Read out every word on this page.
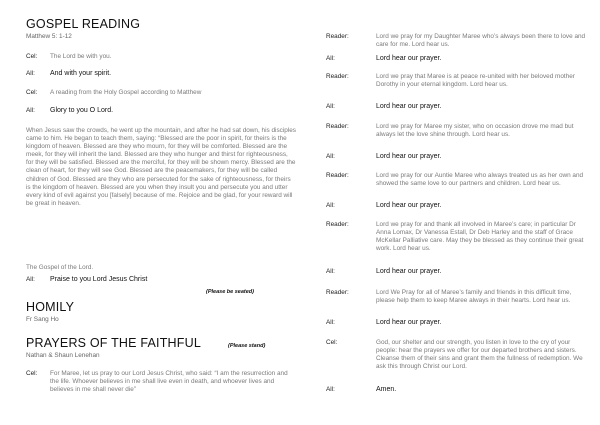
GOSPEL READING
Matthew 5: 1-12
Cel:	The Lord be with you.
All:	And with your spirit.
Cel:	A reading from the Holy Gospel according to Matthew
All:	Glory to you O Lord.

When Jesus saw the crowds, he went up the mountain, and after he had sat down, his disciples came to him. He began to teach them, saying: “Blessed are the poor in spirit, for theirs is the kingdom of heaven. Blessed are they who mourn, for they will be comforted. Blessed are the meek, for they will inherit the land. Blessed are they who hunger and thirst for righteousness, for they will be satisfied. Blessed are the merciful, for they will be shown mercy. Blessed are the clean of heart, for they will see God. Blessed are the peacemakers, for they will be called children of God. Blessed are they who are persecuted for the sake of righteousness, for theirs is the kingdom of heaven. Blessed are you when they insult you and persecute you and utter every kind of evil against you [falsely] because of me. Rejoice and be glad, for your reward will be great in heaven.

The Gospel of the Lord.
All:	Praise to you Lord Jesus Christ
(Please be seated)
HOMILY
Fr Sang Ho
PRAYERS OF THE FAITHFUL	(Please stand)
Nathan & Shaun Lenehan
Cel:	For Maree, let us pray to our Lord Jesus Christ, who said: “I am the resurrection and the life. Whoever believes in me shall live even in death, and whoever lives and believes in me shall never die”
Reader:	Lord we pray for my Daughter Maree who’s always been there to love and care for me. Lord hear us.
All:	Lord hear our prayer.
Reader:	Lord we pray that Maree is at peace re-united with her beloved mother Dorothy in your eternal kingdom. Lord hear us.
All:	Lord hear our prayer.
Reader:	Lord we pray for Maree my sister, who on occasion drove me mad but always let the love shine through. Lord hear us.
All:	Lord hear our prayer.
Reader:	Lord we pray for our Auntie Maree who always treated us as her own and showed the same love to our partners and children. Lord hear us.
All:	Lord hear our prayer.
Reader:	Lord we pray for and thank all involved in Maree’s care; in particular Dr Anna Lomax, Dr Vanessa Estall, Dr Deb Harley and the staff of Grace McKellar Palliative care. May they be blessed as they continue their great work. Lord hear us.
All:	Lord hear our prayer.
Reader:	Lord We Pray for all of Maree’s family and friends in this difficult time, please help them to keep Maree always in their hearts. Lord hear us.
All:	Lord hear our prayer.
Cel:	God, our shelter and our strength, you listen in love to the cry of your people: hear the prayers we offer for our departed brothers and sisters. Cleanse them of their sins and grant them the fullness of redemption. We ask this through Christ our Lord.
All:	Amen.
